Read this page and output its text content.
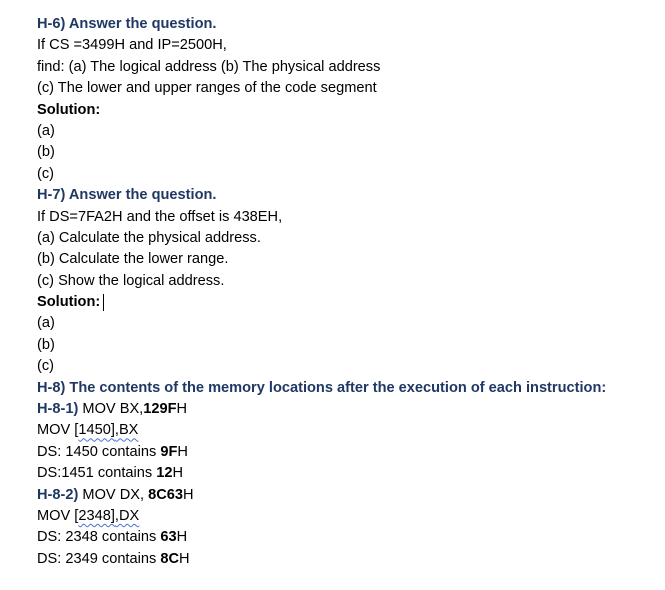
H-6) Answer the question.
If CS =3499H and IP=2500H,
find: (a) The logical address (b) The physical address
(c) The lower and upper ranges of the code segment
Solution:
(a)
(b)
(c)
H-7) Answer the question.
If DS=7FA2H and the offset is 438EH,
(a) Calculate the physical address.
(b) Calculate the lower range.
(c) Show the logical address.
Solution:
(a)
(b)
(c)
H-8) The contents of the memory locations after the execution of each instruction:
H-8-1) MOV BX,129FH
MOV [1450],BX
DS: 1450 contains 9FH
DS:1451 contains 12H
H-8-2) MOV DX, 8C63H
MOV [2348],DX
DS: 2348 contains 63H
DS: 2349 contains 8CH
